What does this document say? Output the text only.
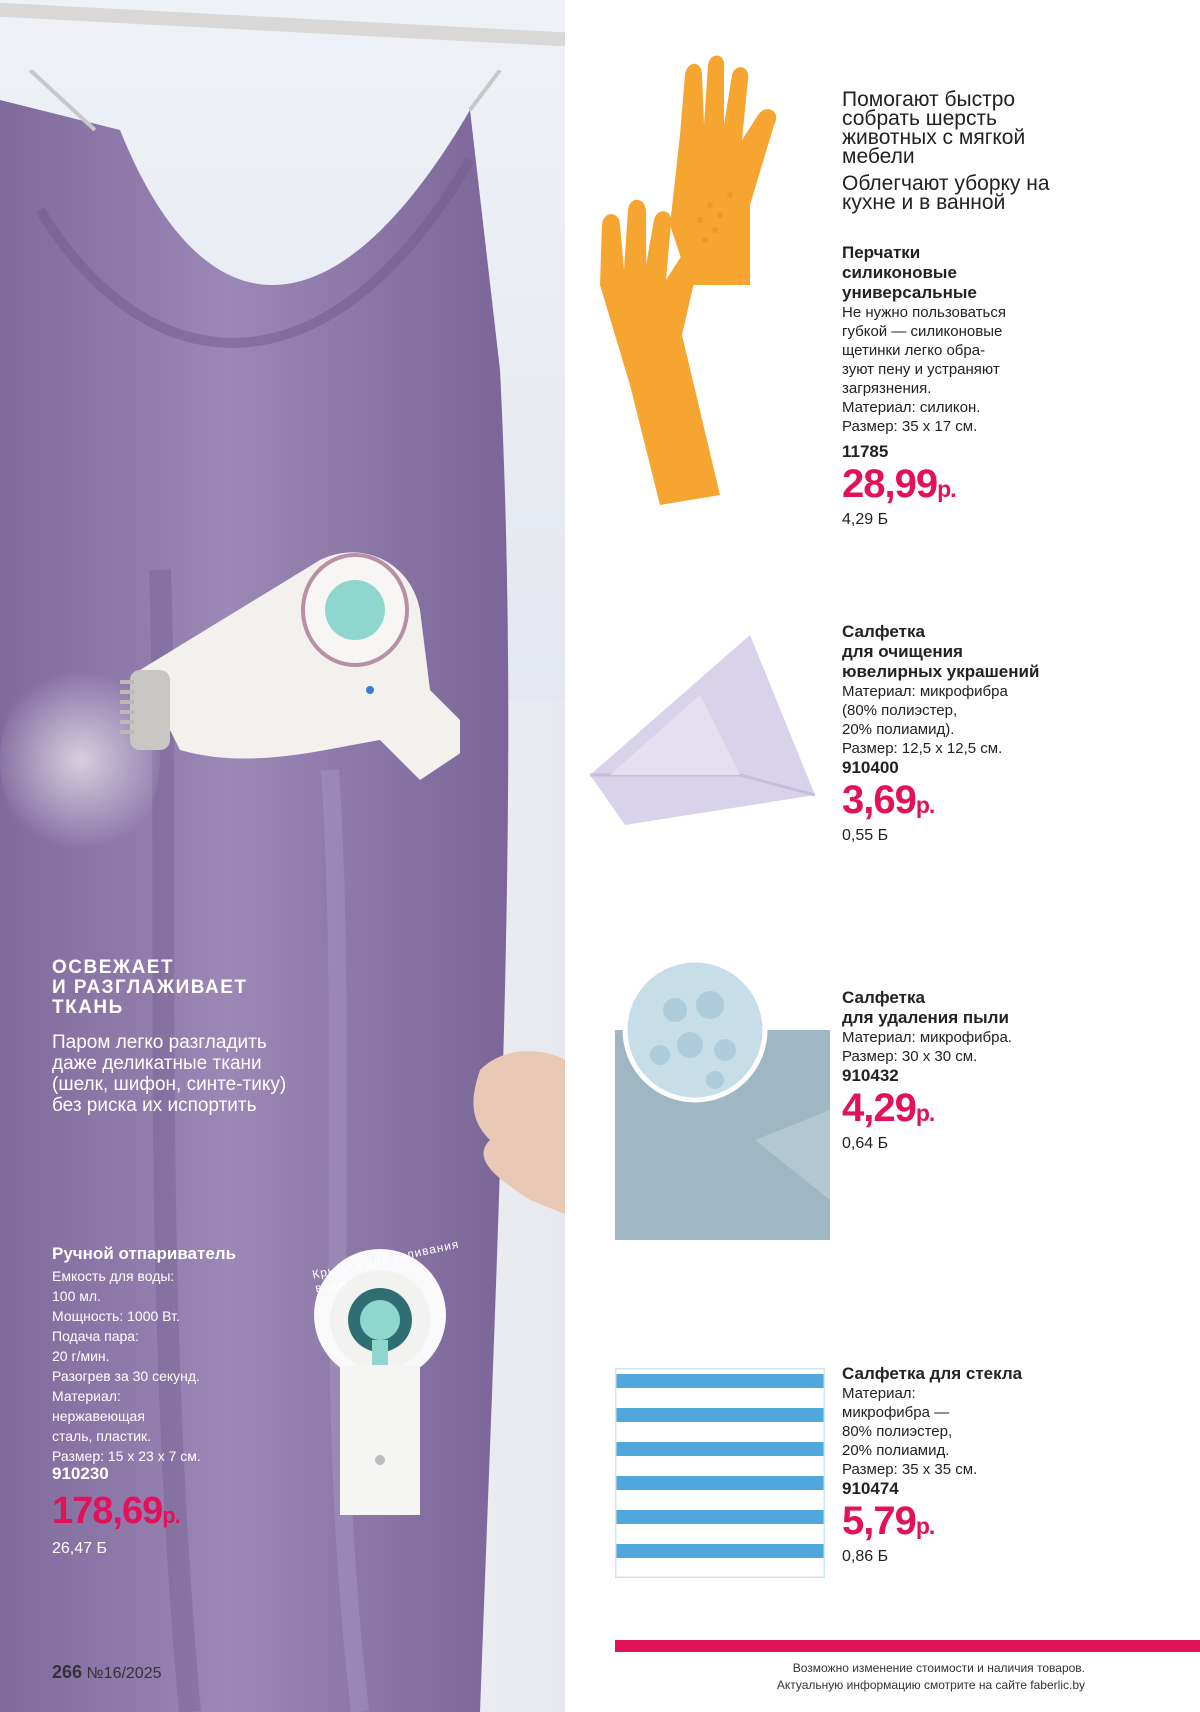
ОСВЕЖАЕТ
И РАЗГЛАЖИВАЕТ
ТКАНЬ
Паром легко разгладить даже деликатные ткани (шелк, шифон, синте-тику) без риска их испортить
Ручной отпариватель
Емкость для воды:
100 мл.
Мощность: 1000 Вт.
Подача пара:
20 г/мин.
Разогрев за 30 секунд.
Материал:
нержавеющая
сталь, пластик.
Размер: 15 x 23 x 7 см.
910230
178,69р.
26,47 Б
Крышка для заливания воды
266 №16/2025
Помогают быстро собрать шерсть животных с мягкой мебели
Облегчают уборку на кухне и в ванной
Перчатки
силиконовые
универсальные
Не нужно пользоваться
губкой — силиконовые
щетинки легко обра-
зуют пену и устраняют
загрязнения.
Материал: силикон.
Размер: 35 x 17 см.
11785
28,99р.
4,29 Б
Салфетка
для очищения
ювелирных украшений
Материал: микрофибра
(80% полиэстер,
20% полиамид).
Размер: 12,5 x 12,5 см.
910400
3,69р.
0,55 Б
Салфетка
для удаления пыли
Материал: микрофибра.
Размер: 30 x 30 см.
910432
4,29р.
0,64 Б
Салфетка для стекла
Материал:
микрофибра —
80% полиэстер,
20% полиамид.
Размер: 35 x 35 см.
910474
5,79р.
0,86 Б
Возможно изменение стоимости и наличия товаров.
Актуальную информацию смотрите на сайте faberlic.by
